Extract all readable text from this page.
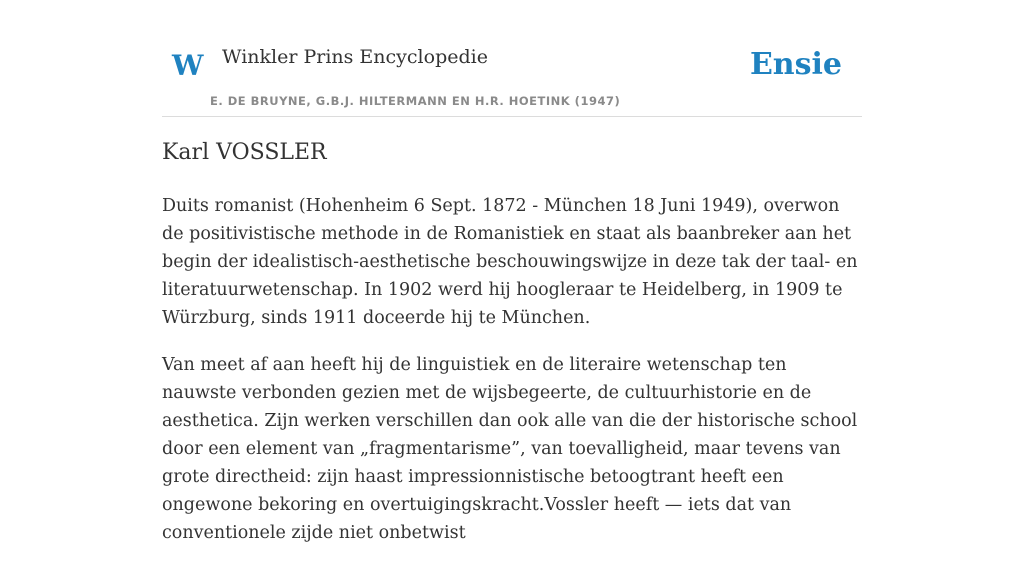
W Winkler Prins Encyclopedie
E. DE BRUYNE, G.B.J. HILTERMANN EN H.R. HOETINK (1947)
Ensie
Karl VOSSLER

Duits romanist (Hohenheim 6 Sept. 1872 - München 18 Juni 1949), overwon de positivistische methode in de Romanistiek en staat als baanbreker aan het begin der idealistisch-aesthetische beschouwingswijze in deze tak der taal- en literatuurwetenschap. In 1902 werd hij hoogleraar te Heidelberg, in 1909 te Würzburg, sinds 1911 doceerde hij te München.

Van meet af aan heeft hij de linguistiek en de literaire wetenschap ten nauwste verbonden gezien met de wijsbegeerte, de cultuurhistorie en de aesthetica. Zijn werken verschillen dan ook alle van die der historische school door een element van „fragmentarisme”, van toevalligheid, maar tevens van grote directheid: zijn haast impressionnistische betoogtrant heeft een ongewone bekoring en overtuigingskracht.Vossler heeft — iets dat van conventionele zijde niet onbetwist
